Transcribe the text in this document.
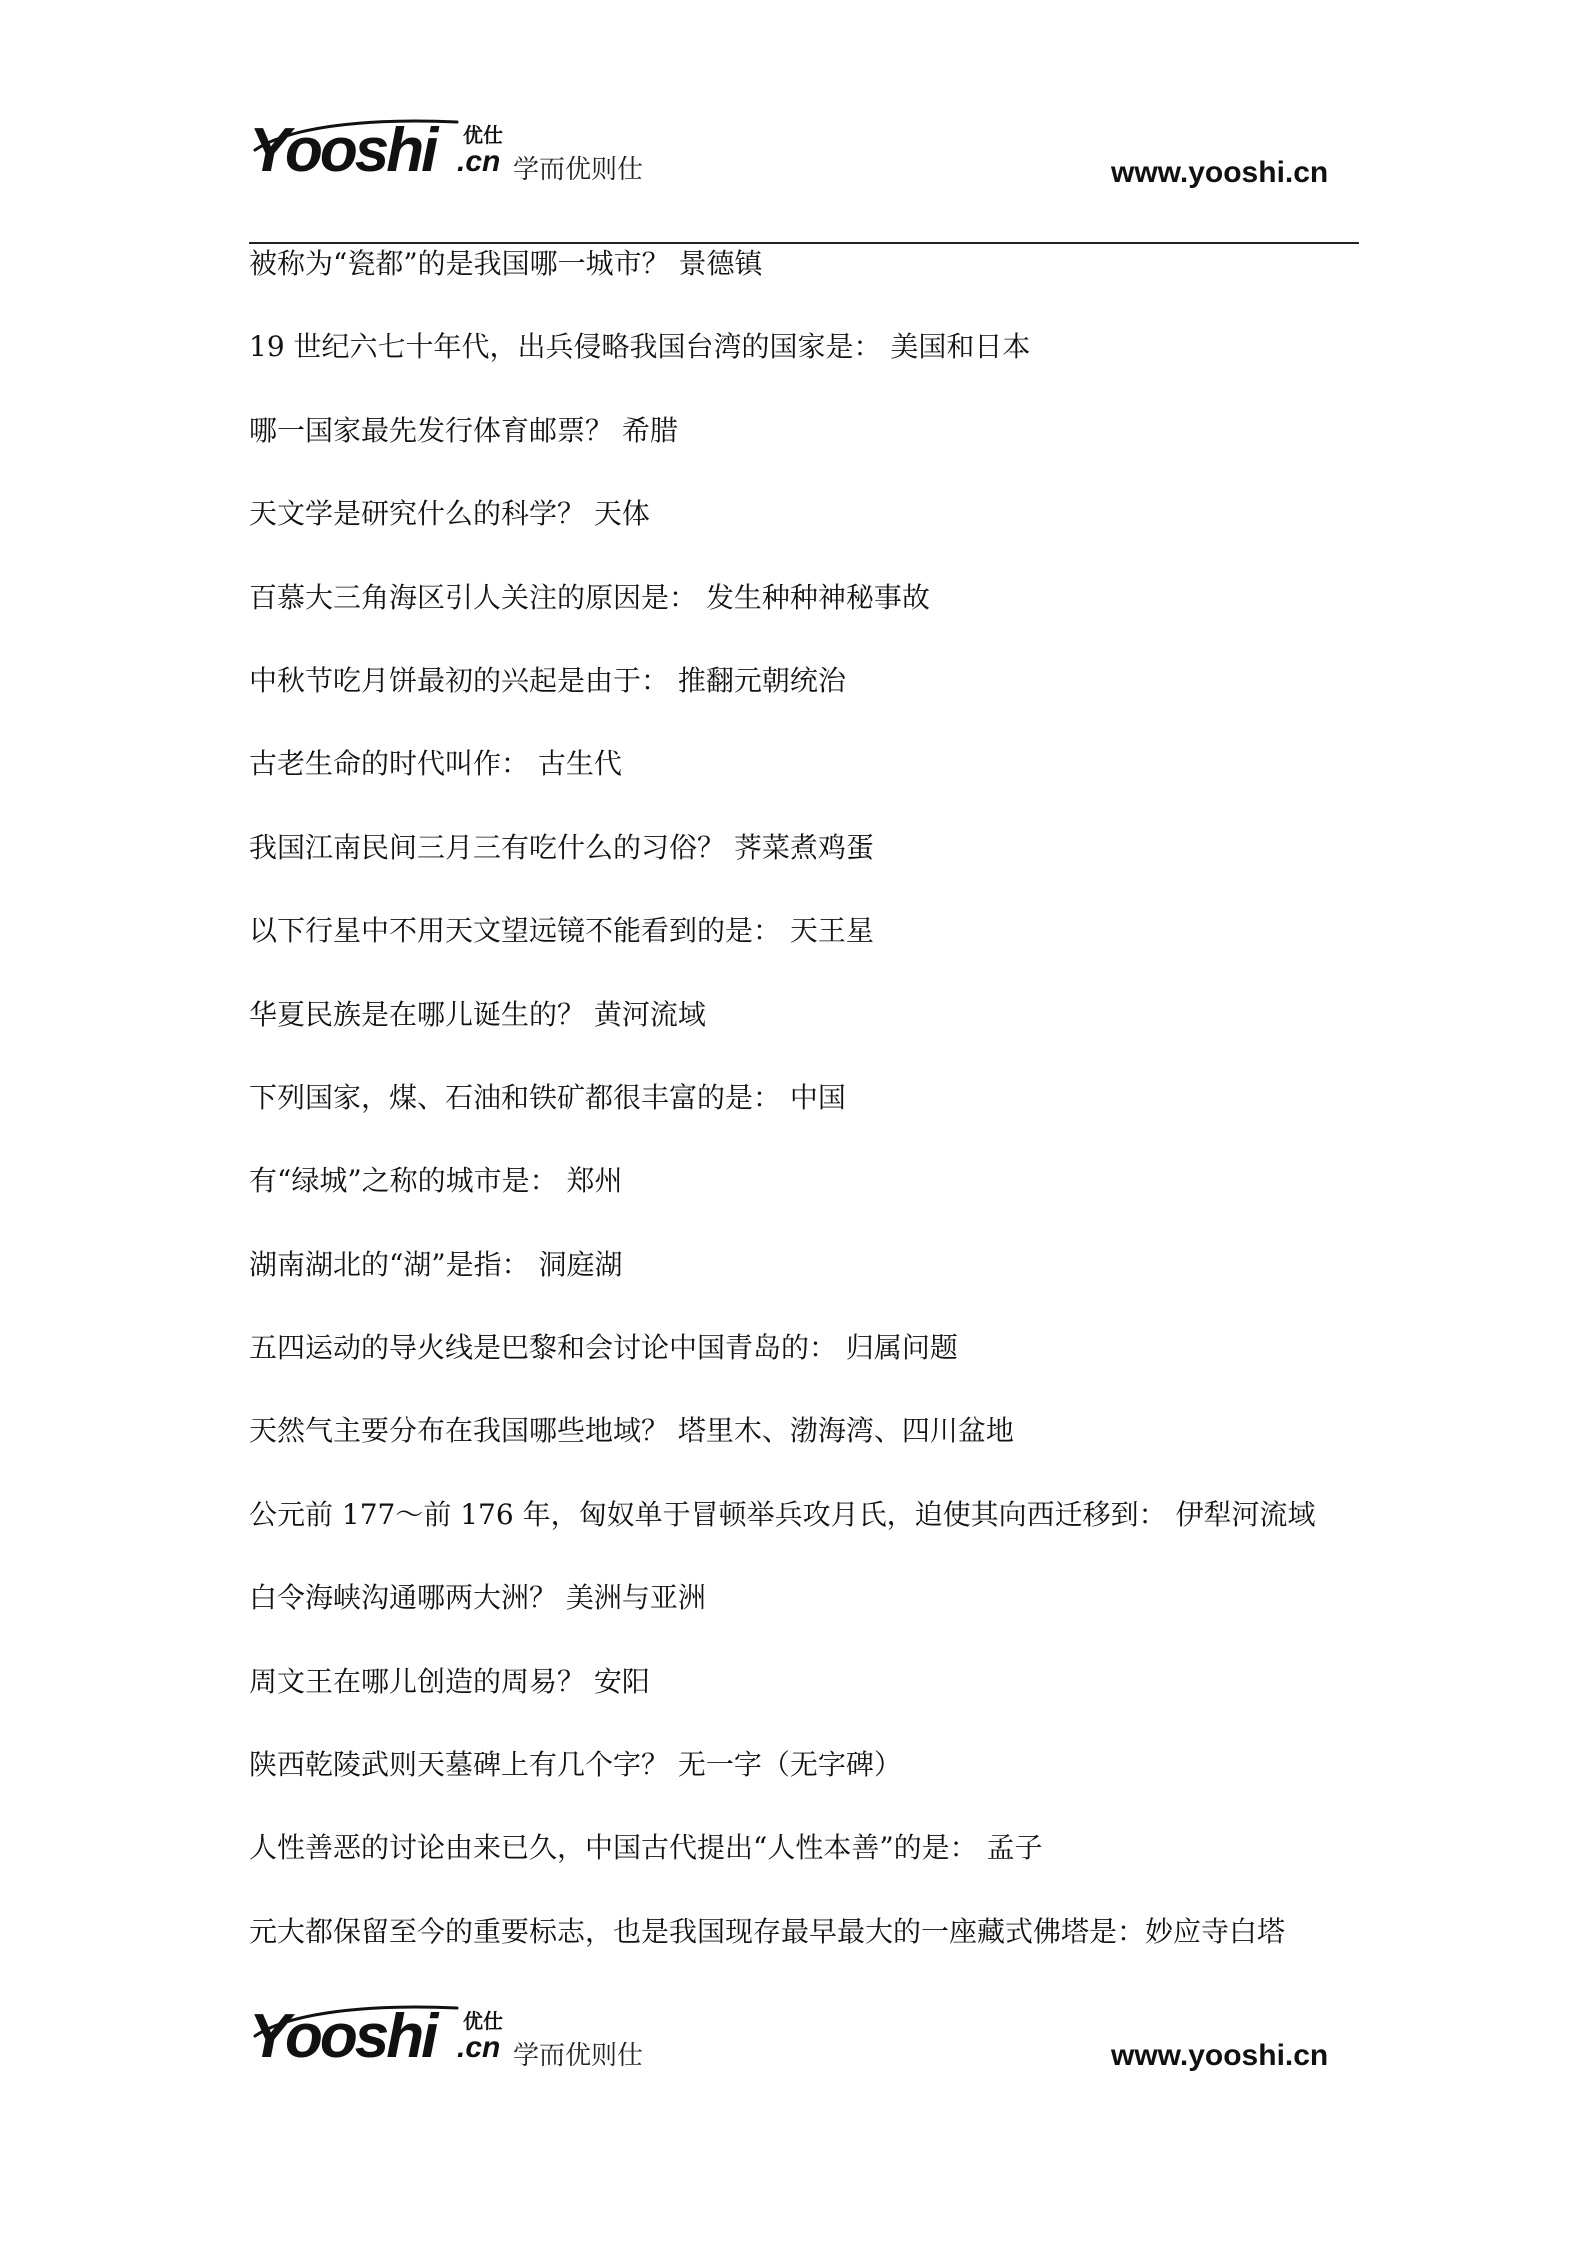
Yooshi 优仕
.cn 学而优则仕	www.yooshi.cn

被称为“瓷都”的是我国哪一城市？ 景德镇

19 世纪六七十年代，出兵侵略我国台湾的国家是： 美国和日本

哪一国家最先发行体育邮票？ 希腊

天文学是研究什么的科学？ 天体

百慕大三角海区引人关注的原因是： 发生种种神秘事故

中秋节吃月饼最初的兴起是由于： 推翻元朝统治

古老生命的时代叫作： 古生代

我国江南民间三月三有吃什么的习俗？ 荠菜煮鸡蛋

以下行星中不用天文望远镜不能看到的是： 天王星

华夏民族是在哪儿诞生的？ 黄河流域

下列国家，煤、石油和铁矿都很丰富的是： 中国

有“绿城”之称的城市是： 郑州

湖南湖北的“湖”是指： 洞庭湖

五四运动的导火线是巴黎和会讨论中国青岛的： 归属问题

天然气主要分布在我国哪些地域？ 塔里木、渤海湾、四川盆地

公元前 177～前 176 年，匈奴单于冒顿举兵攻月氏，迫使其向西迁移到： 伊犁河流域

白令海峡沟通哪两大洲？ 美洲与亚洲

周文王在哪儿创造的周易？ 安阳

陕西乾陵武则天墓碑上有几个字？ 无一字（无字碑）

人性善恶的讨论由来已久，中国古代提出“人性本善”的是： 孟子

元大都保留至今的重要标志，也是我国现存最早最大的一座藏式佛塔是：妙应寺白塔

Yooshi 优仕
.cn 学而优则仕	www.yooshi.cn
